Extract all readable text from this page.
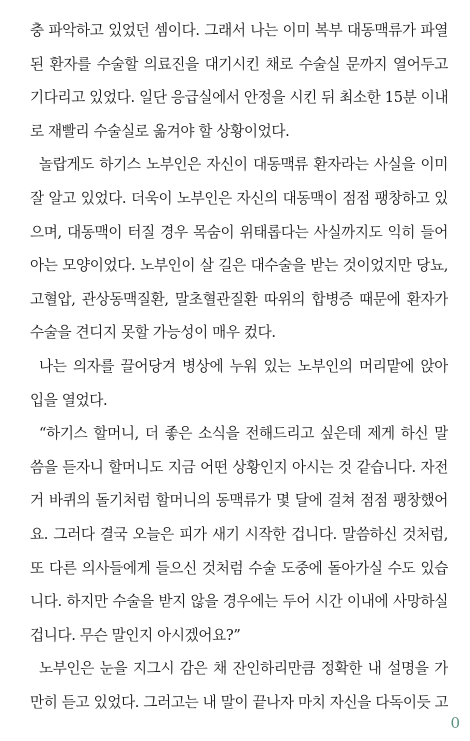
충 파악하고 있었던 셈이다. 그래서 나는 이미 복부 대동맥류가 파열
된 환자를 수술할 의료진을 대기시킨 채로 수술실 문까지 열어두고
기다리고 있었다. 일단 응급실에서 안정을 시킨 뒤 최소한 15분 이내
로 재빨리 수술실로 옮겨야 할 상황이었다.
놀랍게도 하기스 노부인은 자신이 대동맥류 환자라는 사실을 이미
잘 알고 있었다. 더욱이 노부인은 자신의 대동맥이 점점 팽창하고 있
으며, 대동맥이 터질 경우 목숨이 위태롭다는 사실까지도 익히 들어
아는 모양이었다. 노부인이 살 길은 대수술을 받는 것이었지만 당뇨,
고혈압, 관상동맥질환, 말초혈관질환 따위의 합병증 때문에 환자가
수술을 견디지 못할 가능성이 매우 컸다.
나는 의자를 끌어당겨 병상에 누워 있는 노부인의 머리맡에 앉아
입을 열었다.
“하기스 할머니, 더 좋은 소식을 전해드리고 싶은데 제게 하신 말
씀을 듣자니 할머니도 지금 어떤 상황인지 아시는 것 같습니다. 자전
거 바퀴의 돌기처럼 할머니의 동맥류가 몇 달에 걸쳐 점점 팽창했어
요. 그러다 결국 오늘은 피가 새기 시작한 겁니다. 말씀하신 것처럼,
또 다른 의사들에게 들으신 것처럼 수술 도중에 돌아가실 수도 있습
니다. 하지만 수술을 받지 않을 경우에는 두어 시간 이내에 사망하실
겁니다. 무슨 말인지 아시겠어요?”
노부인은 눈을 지그시 감은 채 잔인하리만큼 정확한 내 설명을 가
만히 듣고 있었다. 그러고는 내 말이 끝나자 마치 자신을 다독이듯 고
0
